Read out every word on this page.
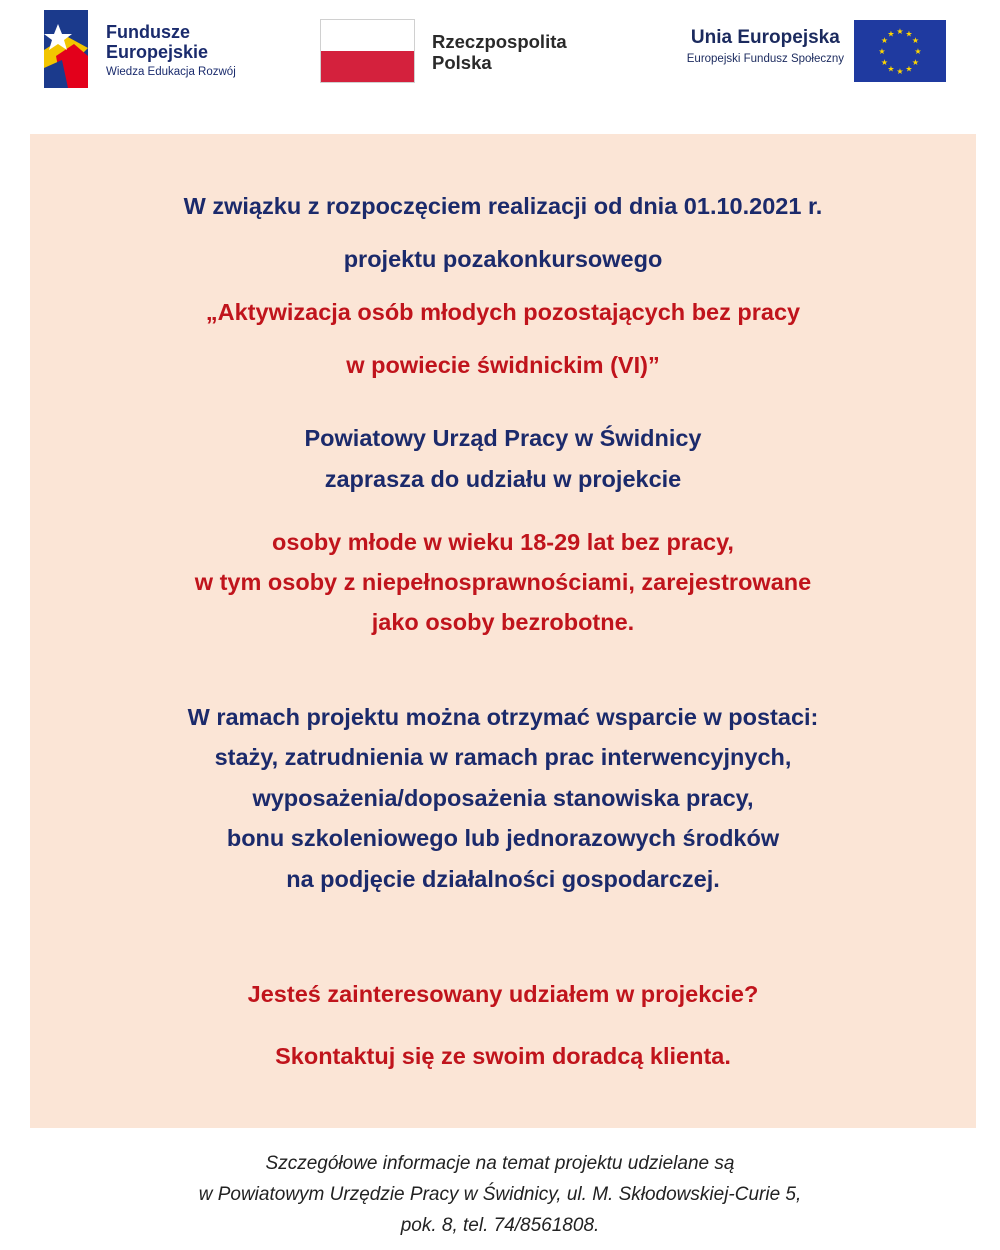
Fundusze
Europejskie
Wiedza Edukacja Rozwój
Rzeczpospolita
Polska
Unia Europejska
Europejski Fundusz Społeczny
★ ★
★
★
★
★
★
★
★
★
★
★
W związku z rozpoczęciem realizacji od dnia 01.10.2021 r.
projektu pozakonkursowego
„Aktywizacja osób młodych pozostających bez pracy
w powiecie świdnickim (VI)”
Powiatowy Urząd Pracy w Świdnicy
zaprasza do udziału w projekcie
osoby młode w wieku 18-29 lat bez pracy,
w tym osoby z niepełnosprawnościami, zarejestrowane
jako osoby bezrobotne.
W ramach projektu można otrzymać wsparcie w postaci:
staży, zatrudnienia w ramach prac interwencyjnych,
wyposażenia/doposażenia stanowiska pracy,
bonu szkoleniowego lub jednorazowych środków
na podjęcie działalności gospodarczej.
Jesteś zainteresowany udziałem w projekcie?
Skontaktuj się ze swoim doradcą klienta.
Szczegółowe informacje na temat projektu udzielane są
w Powiatowym Urzędzie Pracy w Świdnicy, ul. M. Skłodowskiej-Curie 5,
pok. 8, tel. 74/8561808.
